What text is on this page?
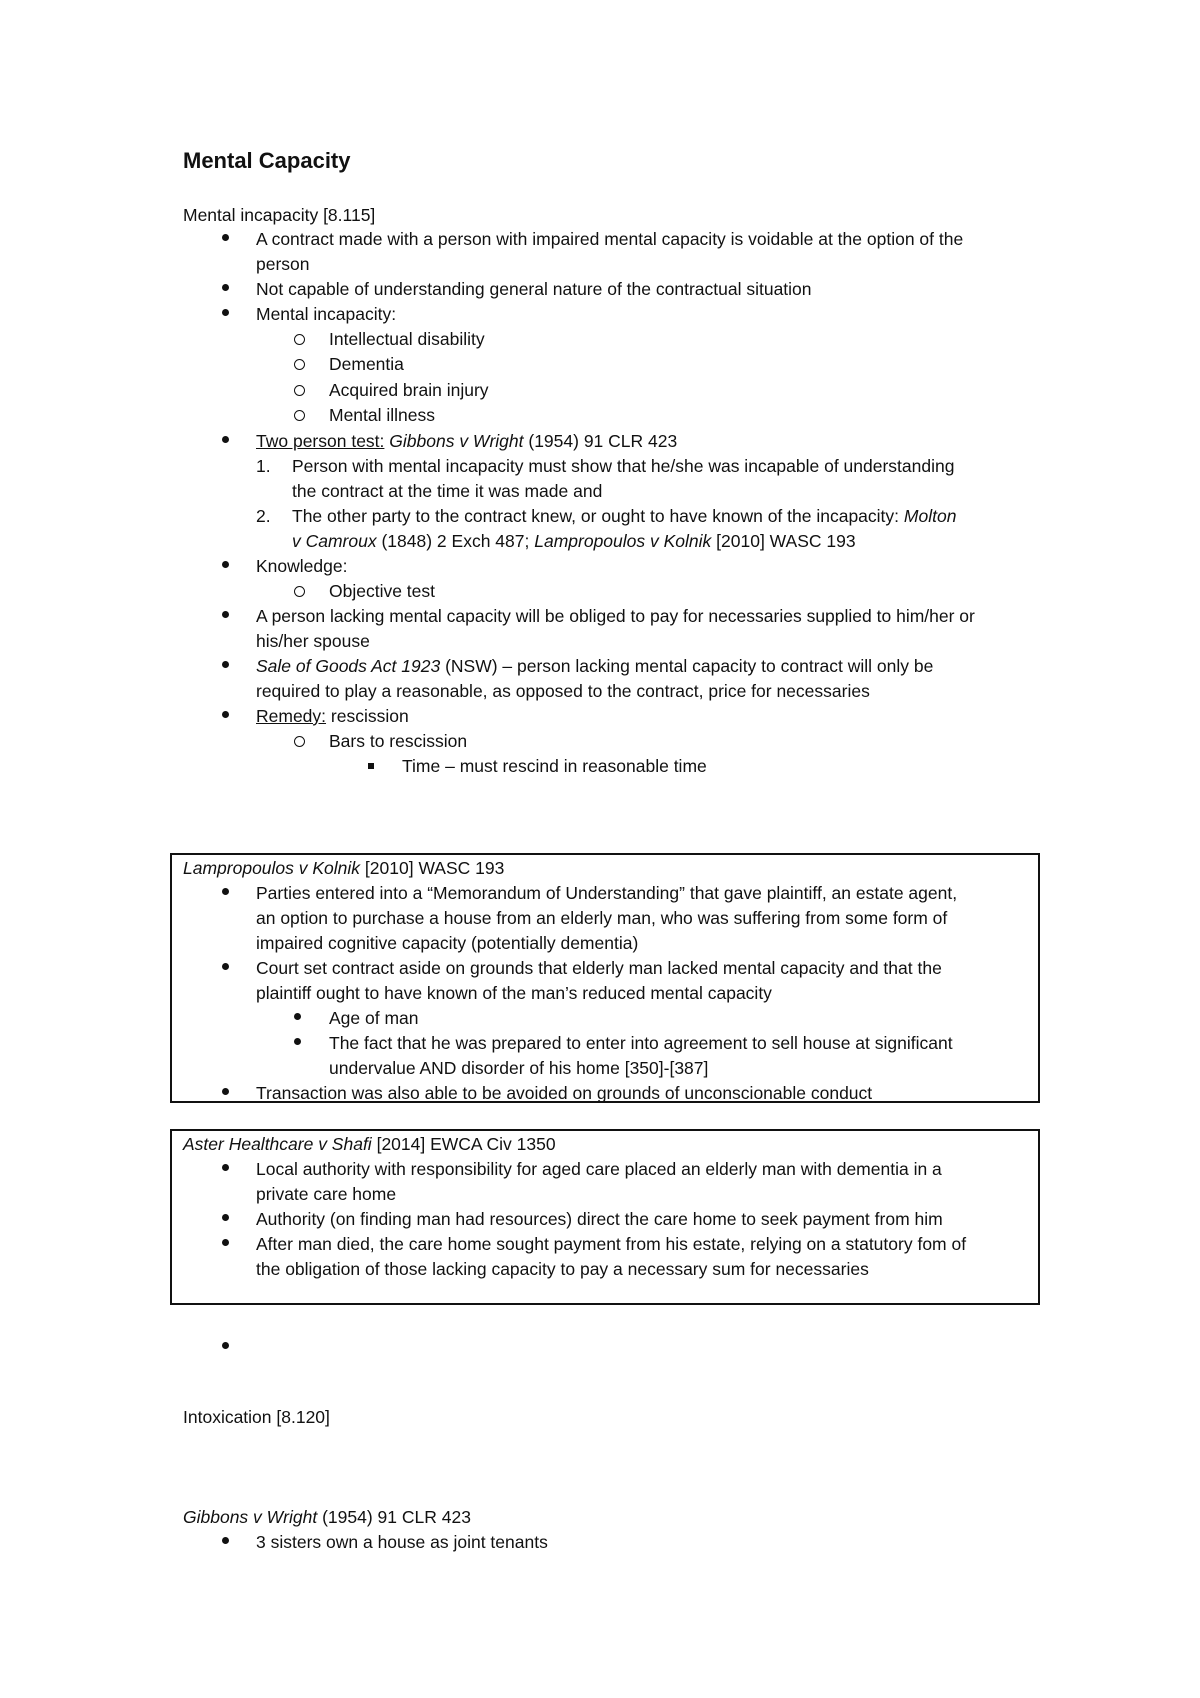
Mental Capacity
Mental incapacity [8.115]
A contract made with a person with impaired mental capacity is voidable at the option of the
person
Not capable of understanding general nature of the contractual situation
Mental incapacity:
Intellectual disability
Dementia
Acquired brain injury
Mental illness
Two person test: Gibbons v Wright (1954) 91 CLR 423
1. Person with mental incapacity must show that he/she was incapable of understanding
the contract at the time it was made and
2. The other party to the contract knew, or ought to have known of the incapacity: Molton
v Camroux (1848) 2 Exch 487; Lampropoulos v Kolnik [2010] WASC 193
Knowledge:
Objective test
A person lacking mental capacity will be obliged to pay for necessaries supplied to him/her or
his/her spouse
Sale of Goods Act 1923 (NSW) – person lacking mental capacity to contract will only be
required to play a reasonable, as opposed to the contract, price for necessaries
Remedy: rescission
Bars to rescission
Time – must rescind in reasonable time
Lampropoulos v Kolnik [2010] WASC 193
Parties entered into a “Memorandum of Understanding” that gave plaintiff, an estate agent,
an option to purchase a house from an elderly man, who was suffering from some form of
impaired cognitive capacity (potentially dementia)
Court set contract aside on grounds that elderly man lacked mental capacity and that the
plaintiff ought to have known of the man’s reduced mental capacity
Age of man
The fact that he was prepared to enter into agreement to sell house at significant
undervalue AND disorder of his home [350]-[387]
Transaction was also able to be avoided on grounds of unconscionable conduct
Aster Healthcare v Shafi [2014] EWCA Civ 1350
Local authority with responsibility for aged care placed an elderly man with dementia in a
private care home
Authority (on finding man had resources) direct the care home to seek payment from him
After man died, the care home sought payment from his estate, relying on a statutory fom of
the obligation of those lacking capacity to pay a necessary sum for necessaries
Intoxication [8.120]
Gibbons v Wright (1954) 91 CLR 423
3 sisters own a house as joint tenants
